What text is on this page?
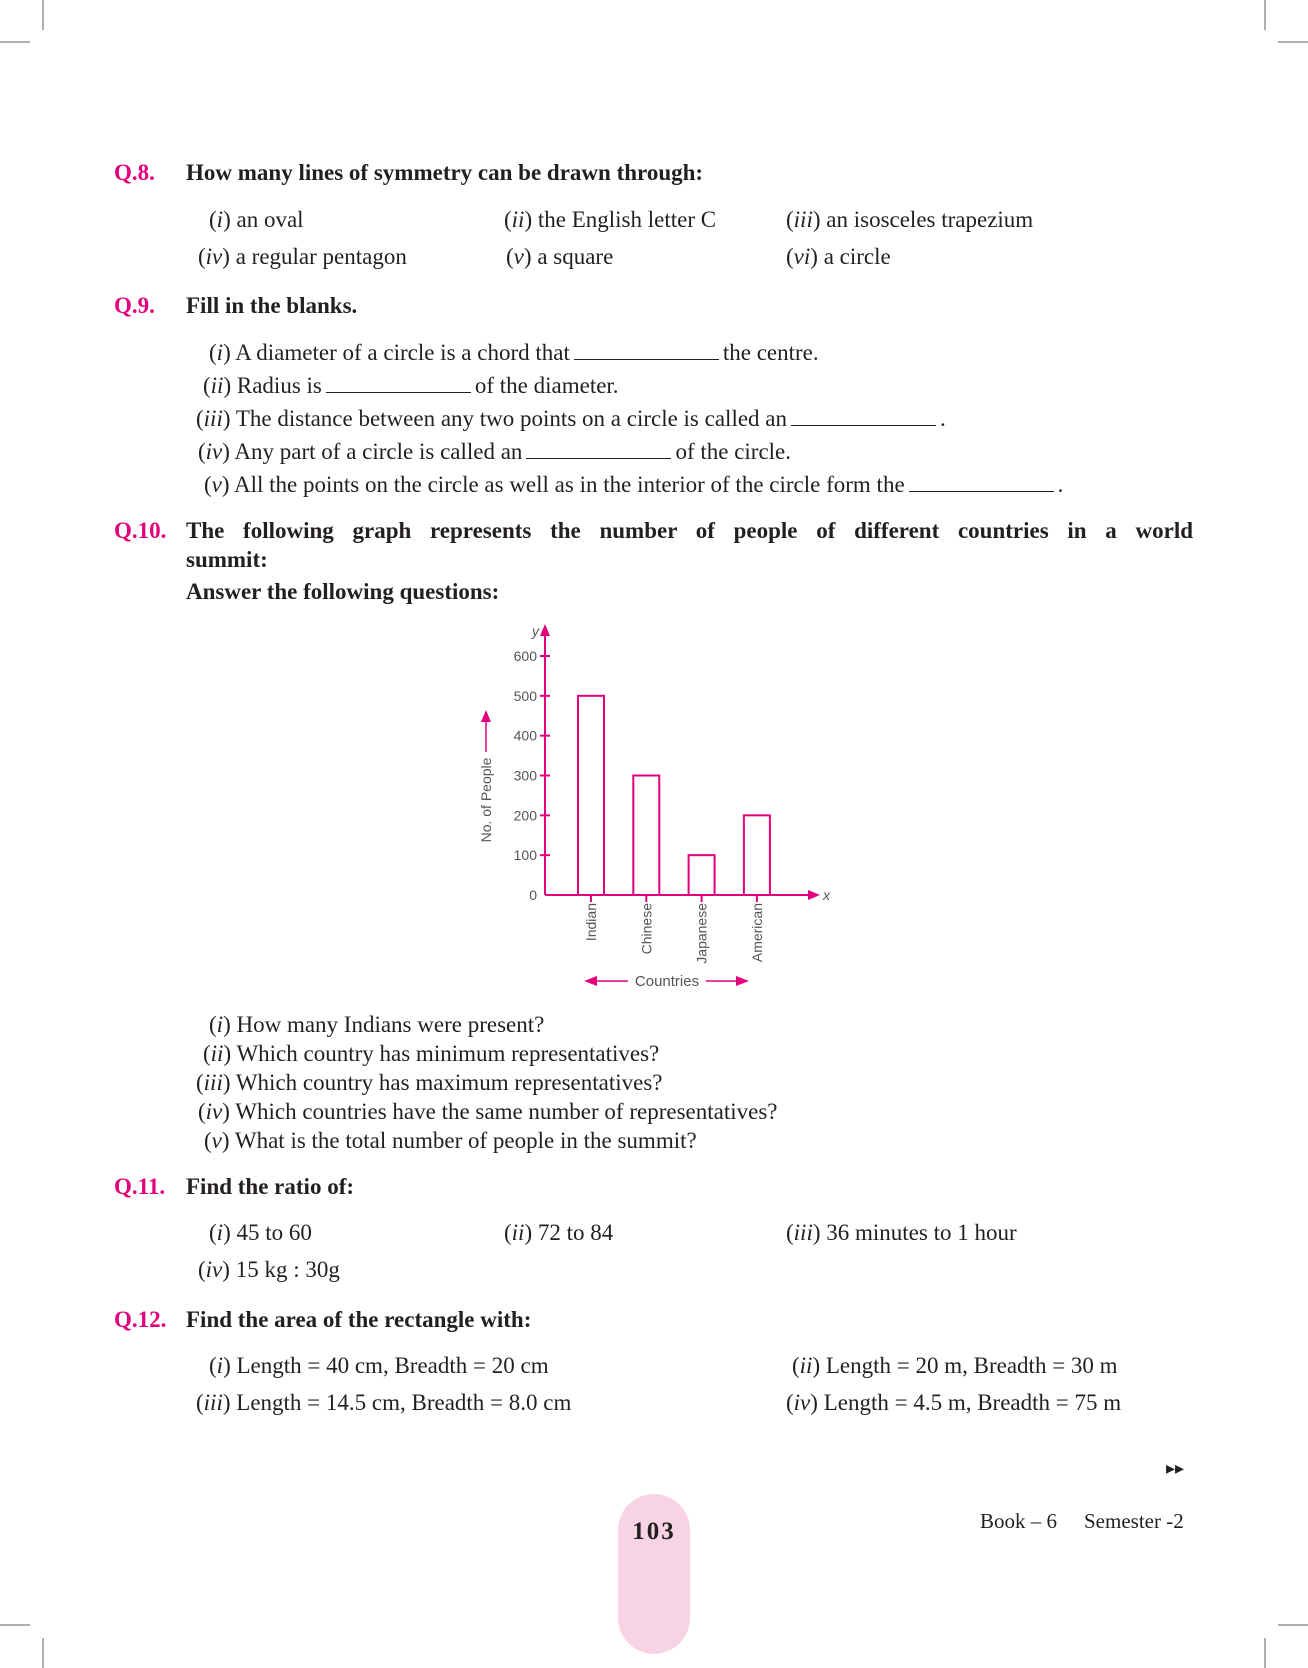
Q.8. How many lines of symmetry can be drawn through:
(i) an oval	(ii) the English letter C	(iii) an isosceles trapezium
(iv) a regular pentagon	(v) a square	(vi) a circle
Q.9. Fill in the blanks.
(i) A diameter of a circle is a chord that	the centre.
(ii) Radius is	of the diameter.
(iii) The distance between any two points on a circle is called an	.
(iv) Any part of a circle is called an	of the circle.
(v) All the points on the circle as well as in the interior of the circle form the	.
Q.10. The following graph represents the number of people of different countries in a world
summit:
Answer the following questions:
y
x
0
100
200
300
400
500
600
Indian	Chinese	Japanese	American
No. of People
Countries
(i) How many Indians were present?
(ii) Which country has minimum representatives?
(iii) Which country has maximum representatives?
(iv) Which countries have the same number of representatives?
(v) What is the total number of people in the summit?
Q.11. Find the ratio of:
(i) 45 to 60	(ii) 72 to 84	(iii) 36 minutes to 1 hour
(iv) 15 kg : 30g
Q.12. Find the area of the rectangle with:
(i) Length = 40 cm, Breadth = 20 cm	(ii) Length = 20 m, Breadth = 30 m
(iii) Length = 14.5 cm, Breadth = 8.0 cm	(iv) Length = 4.5 m, Breadth = 75 m
▸▸
103	Book – 6 Semester -2
